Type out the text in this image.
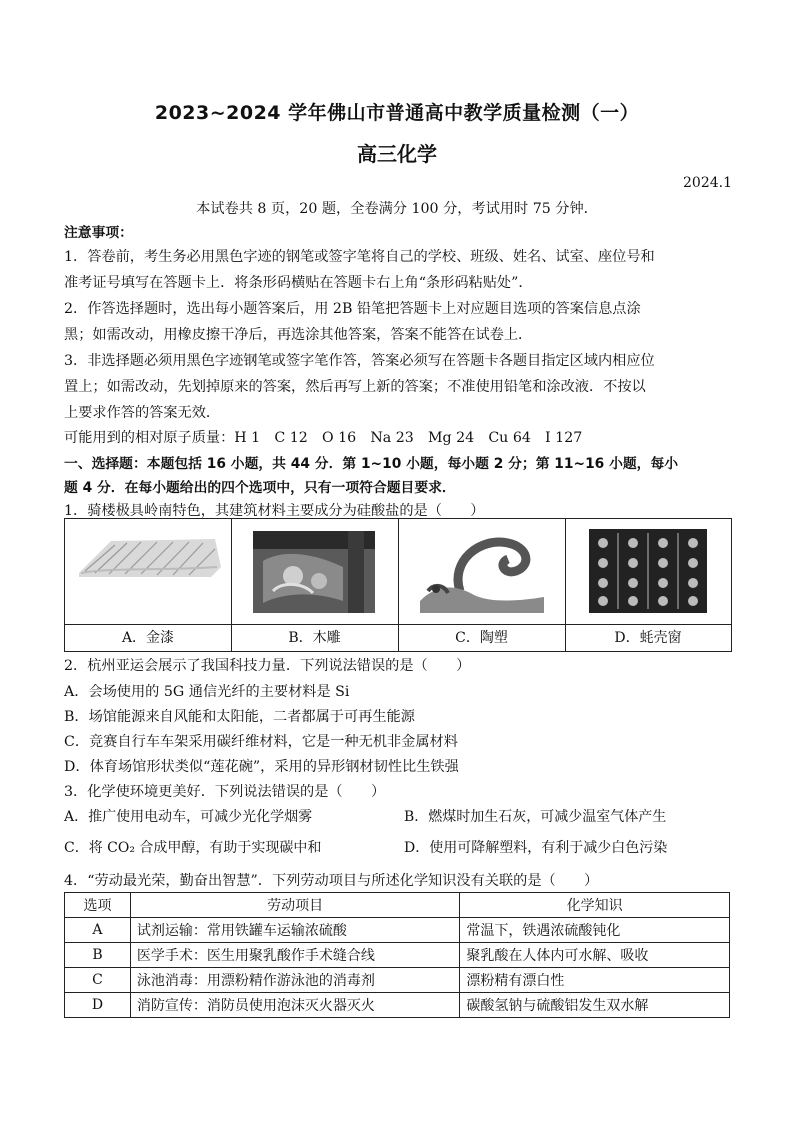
2023~2024 学年佛山市普通高中教学质量检测（一）
高三化学
2024.1
本试卷共 8 页，20 题，全卷满分 100 分，考试用时 75 分钟．
注意事项：
1．答卷前，考生务必用黑色字迹的钢笔或签字笔将自己的学校、班级、姓名、试室、座位号和
准考证号填写在答题卡上．将条形码横贴在答题卡右上角“条形码粘贴处”．
2．作答选择题时，选出每小题答案后，用 2B 铅笔把答题卡上对应题目选项的答案信息点涂
黑；如需改动，用橡皮擦干净后，再选涂其他答案，答案不能答在试卷上．
3．非选择题必须用黑色字迹钢笔或签字笔作答，答案必须写在答题卡各题目指定区域内相应位
置上；如需改动，先划掉原来的答案，然后再写上新的答案；不准使用铅笔和涂改液．不按以
上要求作答的答案无效．
可能用到的相对原子质量：H 1　C 12　O 16　Na 23　Mg 24　Cu 64　I 127
一、选择题：本题包括 16 小题，共 44 分．第 1~10 小题，每小题 2 分；第 11~16 小题，每小
题 4 分．在每小题给出的四个选项中，只有一项符合题目要求．
1．骑楼极具岭南特色，其建筑材料主要成分为硅酸盐的是（　　）
A．金漆	B．木雕	C．陶塑	D．蚝壳窗
2．杭州亚运会展示了我国科技力量．下列说法错误的是（　　）
A．会场使用的 5G 通信光纤的主要材料是 Si
B．场馆能源来自风能和太阳能，二者都属于可再生能源
C．竞赛自行车车架采用碳纤维材料，它是一种无机非金属材料
D．体育场馆形状类似“莲花碗”，采用的异形钢材韧性比生铁强
3．化学使环境更美好．下列说法错误的是（　　）
A．推广使用电动车，可减少光化学烟雾	B．燃煤时加生石灰，可减少温室气体产生
C．将 CO₂ 合成甲醇，有助于实现碳中和	D．使用可降解塑料，有利于减少白色污染
4．“劳动最光荣，勤奋出智慧”．下列劳动项目与所述化学知识没有关联的是（　　）
选项	劳动项目	化学知识
A	试剂运输：常用铁罐车运输浓硫酸	常温下，铁遇浓硫酸钝化
B	医学手术：医生用聚乳酸作手术缝合线	聚乳酸在人体内可水解、吸收
C	泳池消毒：用漂粉精作游泳池的消毒剂	漂粉精有漂白性
D	消防宣传：消防员使用泡沫灭火器灭火	碳酸氢钠与硫酸铝发生双水解
